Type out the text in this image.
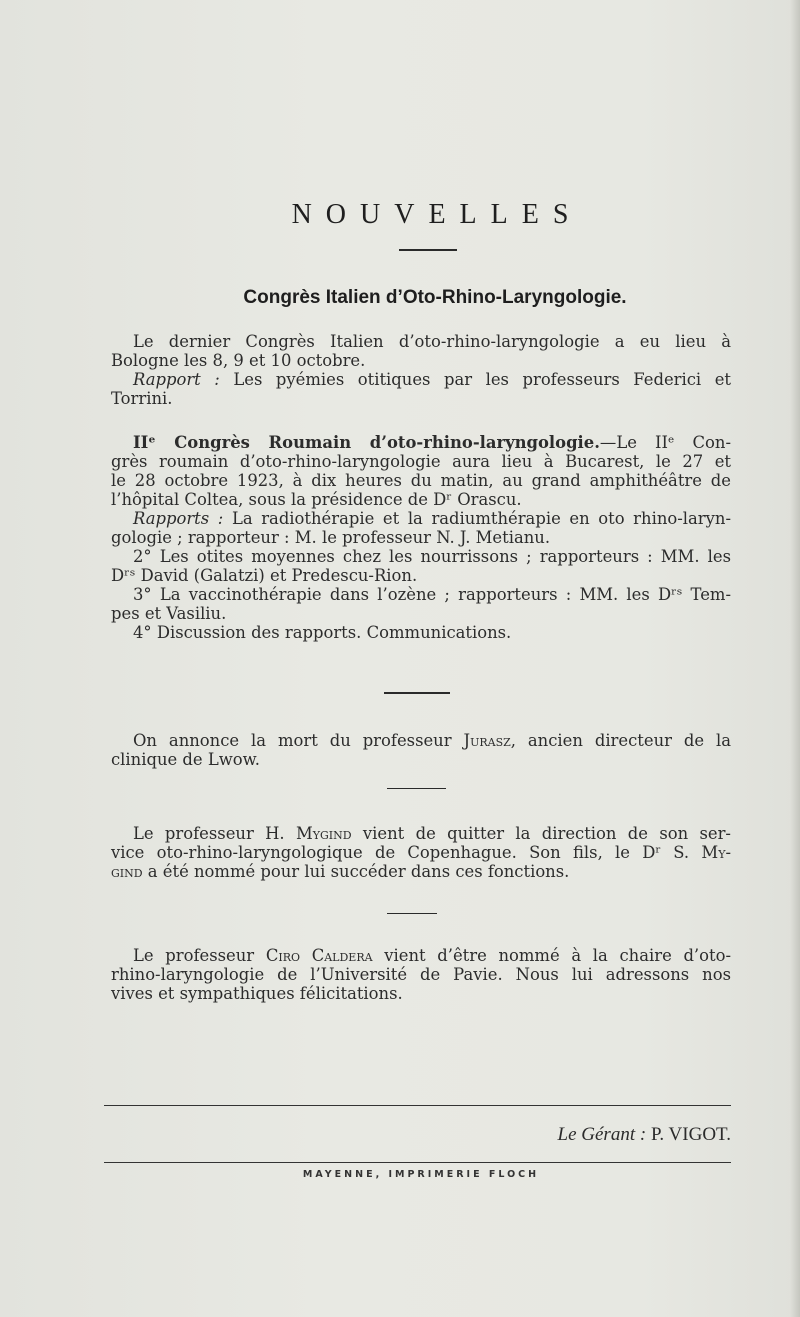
NOUVELLES
Congrès Italien d’Oto-Rhino-Laryngologie.
Le dernier Congrès Italien d’oto-rhino-laryngologie a eu lieu à
Bologne les 8, 9 et 10 octobre.
Rapport : Les pyémies otitiques par les professeurs Federici et
Torrini.
IIᵉ Congrès Roumain d’oto-rhino-laryngologie.—Le IIᵉ Con-
grès roumain d’oto-rhino-laryngologie aura lieu à Bucarest, le 27 et
le 28 octobre 1923, à dix heures du matin, au grand amphithéâtre de
l’hôpital Coltea, sous la présidence de Dʳ Orascu.
Rapports : La radiothérapie et la radiumthérapie en oto rhino-laryn-
gologie ; rapporteur : M. le professeur N. J. Metianu.
2° Les otites moyennes chez les nourrissons ; rapporteurs : MM. les
Dʳˢ David (Galatzi) et Predescu-Rion.
3° La vaccinothérapie dans l’ozène ; rapporteurs : MM. les Dʳˢ Tem-
pes et Vasiliu.
4° Discussion des rapports. Communications.
On annonce la mort du professeur Jurasz, ancien directeur de la
clinique de Lwow.
Le professeur H. Mygind vient de quitter la direction de son ser-
vice oto-rhino-laryngologique de Copenhague. Son fils, le Dʳ S. My-
gind a été nommé pour lui succéder dans ces fonctions.
Le professeur Ciro Caldera vient d’être nommé à la chaire d’oto-
rhino-laryngologie de l’Université de Pavie. Nous lui adressons nos
vives et sympathiques félicitations.
Le Gérant : P. VIGOT.
MAYENNE, IMPRIMERIE FLOCH
